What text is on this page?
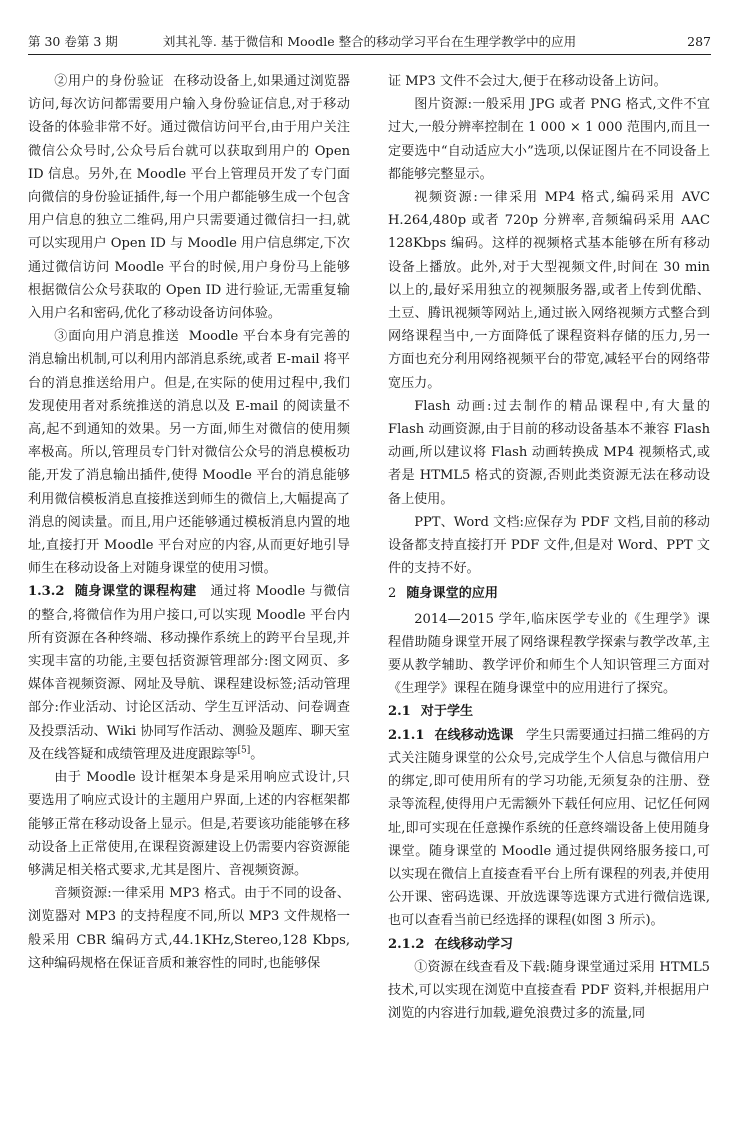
第 30 卷第 3 期	刘其礼等. 基于微信和 Moodle 整合的移动学习平台在生理学教学中的应用	287

②用户的身份验证 在移动设备上,如果通过浏览器访问,每次访问都需要用户输入身份验证信息,对于移动设备的体验非常不好。通过微信访问平台,由于用户关注微信公众号时,公众号后台就可以获取到用户的 Open ID 信息。另外,在 Moodle 平台上管理员开发了专门面向微信的身份验证插件,每一个用户都能够生成一个包含用户信息的独立二维码,用户只需要通过微信扫一扫,就可以实现用户 Open ID 与 Moodle 用户信息绑定,下次通过微信访问 Moodle 平台的时候,用户身份马上能够根据微信公众号获取的 Open ID 进行验证,无需重复输入用户名和密码,优化了移动设备访问体验。

③面向用户消息推送 Moodle 平台本身有完善的消息输出机制,可以利用内部消息系统,或者 E-mail 将平台的消息推送给用户。但是,在实际的使用过程中,我们发现使用者对系统推送的消息以及 E-mail 的阅读量不高,起不到通知的效果。另一方面,师生对微信的使用频率极高。所以,管理员专门针对微信公众号的消息模板功能,开发了消息输出插件,使得 Moodle 平台的消息能够利用微信模板消息直接推送到师生的微信上,大幅提高了消息的阅读量。而且,用户还能够通过模板消息内置的地址,直接打开 Moodle 平台对应的内容,从而更好地引导师生在移动设备上对随身课堂的使用习惯。

1.3.2 随身课堂的课程构建 通过将 Moodle 与微信的整合,将微信作为用户接口,可以实现 Moodle 平台内所有资源在各种终端、移动操作系统上的跨平台呈现,并实现丰富的功能,主要包括资源管理部分:图文网页、多媒体音视频资源、网址及导航、课程建设标签;活动管理部分:作业活动、讨论区活动、学生互评活动、问卷调查及投票活动、Wiki 协同写作活动、测验及题库、聊天室及在线答疑和成绩管理及进度跟踪等[5]。

由于 Moodle 设计框架本身是采用响应式设计,只要选用了响应式设计的主题用户界面,上述的内容框架都能够正常在移动设备上显示。但是,若要该功能能够在移动设备上正常使用,在课程资源建设上仍需要内容资源能够满足相关格式要求,尤其是图片、音视频资源。

音频资源:一律采用 MP3 格式。由于不同的设备、浏览器对 MP3 的支持程度不同,所以 MP3 文件规格一般采用 CBR 编码方式,44.1KHz,Stereo,128 Kbps,这种编码规格在保证音质和兼容性的同时,也能够保

证 MP3 文件不会过大,便于在移动设备上访问。

图片资源:一般采用 JPG 或者 PNG 格式,文件不宜过大,一般分辨率控制在 1 000 × 1 000 范围内,而且一定要选中“自动适应大小”选项,以保证图片在不同设备上都能够完整显示。

视频资源:一律采用 MP4 格式,编码采用 AVC H.264,480p 或者 720p 分辨率,音频编码采用 AAC 128Kbps 编码。这样的视频格式基本能够在所有移动设备上播放。此外,对于大型视频文件,时间在 30 min 以上的,最好采用独立的视频服务器,或者上传到优酷、土豆、腾讯视频等网站上,通过嵌入网络视频方式整合到网络课程当中,一方面降低了课程资料存储的压力,另一方面也充分利用网络视频平台的带宽,减轻平台的网络带宽压力。

Flash 动画:过去制作的精品课程中,有大量的 Flash 动画资源,由于目前的移动设备基本不兼容 Flash 动画,所以建议将 Flash 动画转换成 MP4 视频格式,或者是 HTML5 格式的资源,否则此类资源无法在移动设备上使用。

PPT、Word 文档:应保存为 PDF 文档,目前的移动设备都支持直接打开 PDF 文件,但是对 Word、PPT 文件的支持不好。

2 随身课堂的应用

2014—2015 学年,临床医学专业的《生理学》课程借助随身课堂开展了网络课程教学探索与教学改革,主要从教学辅助、教学评价和师生个人知识管理三方面对《生理学》课程在随身课堂中的应用进行了探究。

2.1 对于学生

2.1.1 在线移动选课 学生只需要通过扫描二维码的方式关注随身课堂的公众号,完成学生个人信息与微信用户的绑定,即可使用所有的学习功能,无须复杂的注册、登录等流程,使得用户无需额外下载任何应用、记忆任何网址,即可实现在任意操作系统的任意终端设备上使用随身课堂。随身课堂的 Moodle 通过提供网络服务接口,可以实现在微信上直接查看平台上所有课程的列表,并使用公开课、密码选课、开放选课等选课方式进行微信选课,也可以查看当前已经选择的课程(如图 3 所示)。

2.1.2 在线移动学习

①资源在线查看及下载:随身课堂通过采用 HTML5 技术,可以实现在浏览中直接查看 PDF 资料,并根据用户浏览的内容进行加载,避免浪费过多的流量,同
